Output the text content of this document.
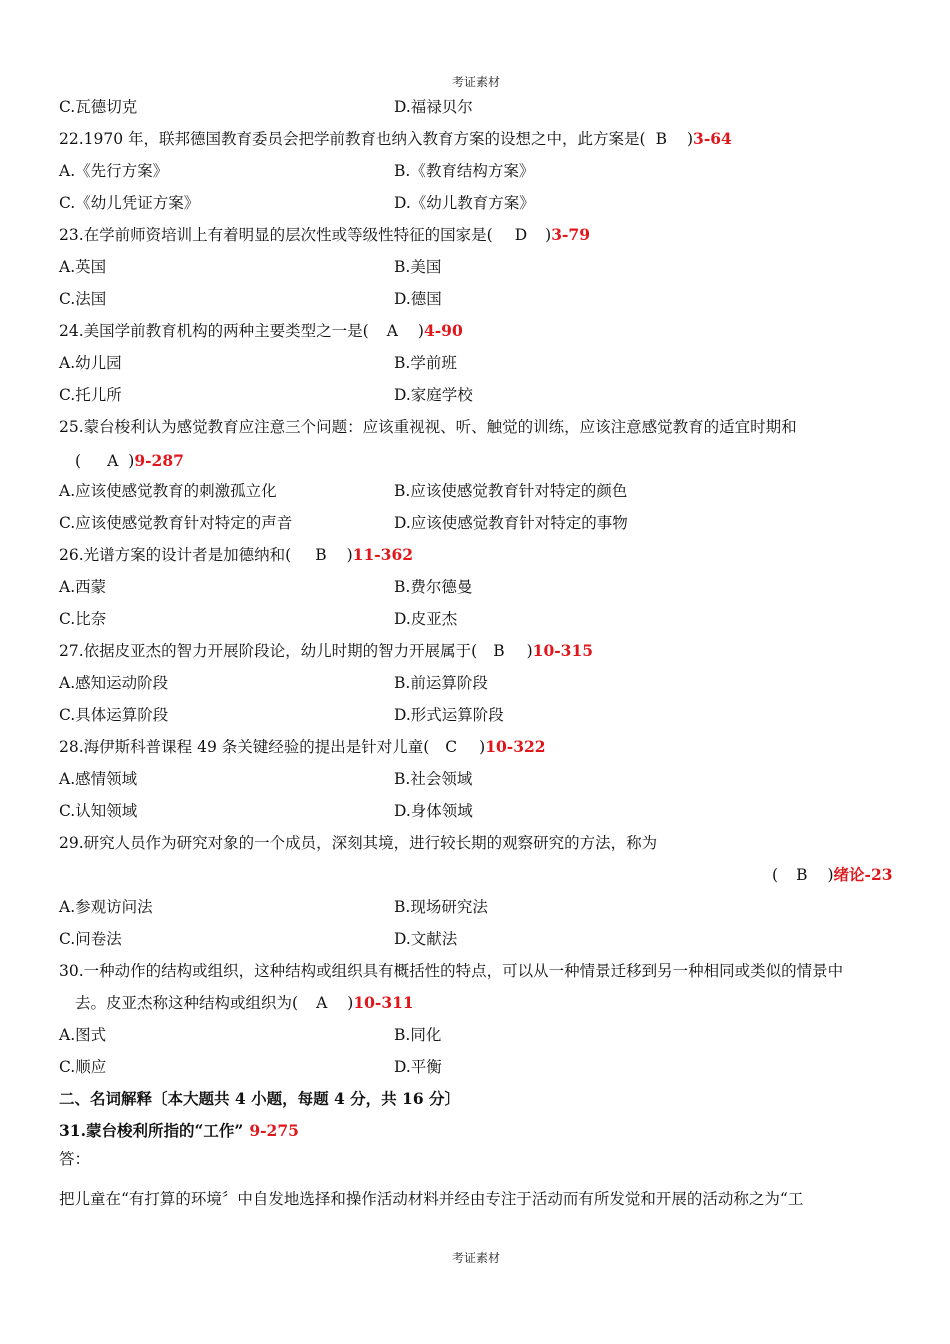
考证素材
C.瓦德切克	D.福禄贝尔
22.1970 年，联邦德国教育委员会把学前教育也纳入教育方案的设想之中，此方案是( B )3-64
A.《先行方案》	B.《教育结构方案》
C.《幼儿凭证方案》	D.《幼儿教育方案》
23.在学前师资培训上有着明显的层次性或等级性特征的国家是( D )3-79
A.英国	B.美国
C.法国	D.德国
24.美国学前教育机构的两种主要类型之一是( A )4-90
A.幼儿园	B.学前班
C.托儿所	D.家庭学校
25.蒙台梭利认为感觉教育应注意三个问题：应该重视视、听、触觉的训练，应该注意感觉教育的适宜时期和
( A )9-287
A.应该使感觉教育的刺激孤立化	B.应该使感觉教育针对特定的颜色
C.应该使感觉教育针对特定的声音	D.应该使感觉教育针对特定的事物
26.光谱方案的设计者是加德纳和( B )11-362
A.西蒙	B.费尔德曼
C.比奈	D.皮亚杰
27.依据皮亚杰的智力开展阶段论，幼儿时期的智力开展属于( B )10-315
A.感知运动阶段	B.前运算阶段
C.具体运算阶段	D.形式运算阶段
28.海伊斯科普课程 49 条关键经验的提出是针对儿童( C )10-322
A.感情领域	B.社会领域
C.认知领域	D.身体领域
29.研究人员作为研究对象的一个成员，深刻其境，进行较长期的观察研究的方法，称为
( B )绪论-23
A.参观访问法	B.现场研究法
C.问卷法	D.文献法
30.一种动作的结构或组织，这种结构或组织具有概括性的特点，可以从一种情景迁移到另一种相同或类似的情景中
去。皮亚杰称这种结构或组织为( A )10-311
A.图式	B.同化
C.顺应	D.平衡
二、名词解释〔本大题共 4 小题，每题 4 分，共 16 分〕
31.蒙台梭利所指的“工作” 9-275
答：
把儿童在“有打算的环境〞中自发地选择和操作活动材料并经由专注于活动而有所发觉和开展的活动称之为“工
考证素材
